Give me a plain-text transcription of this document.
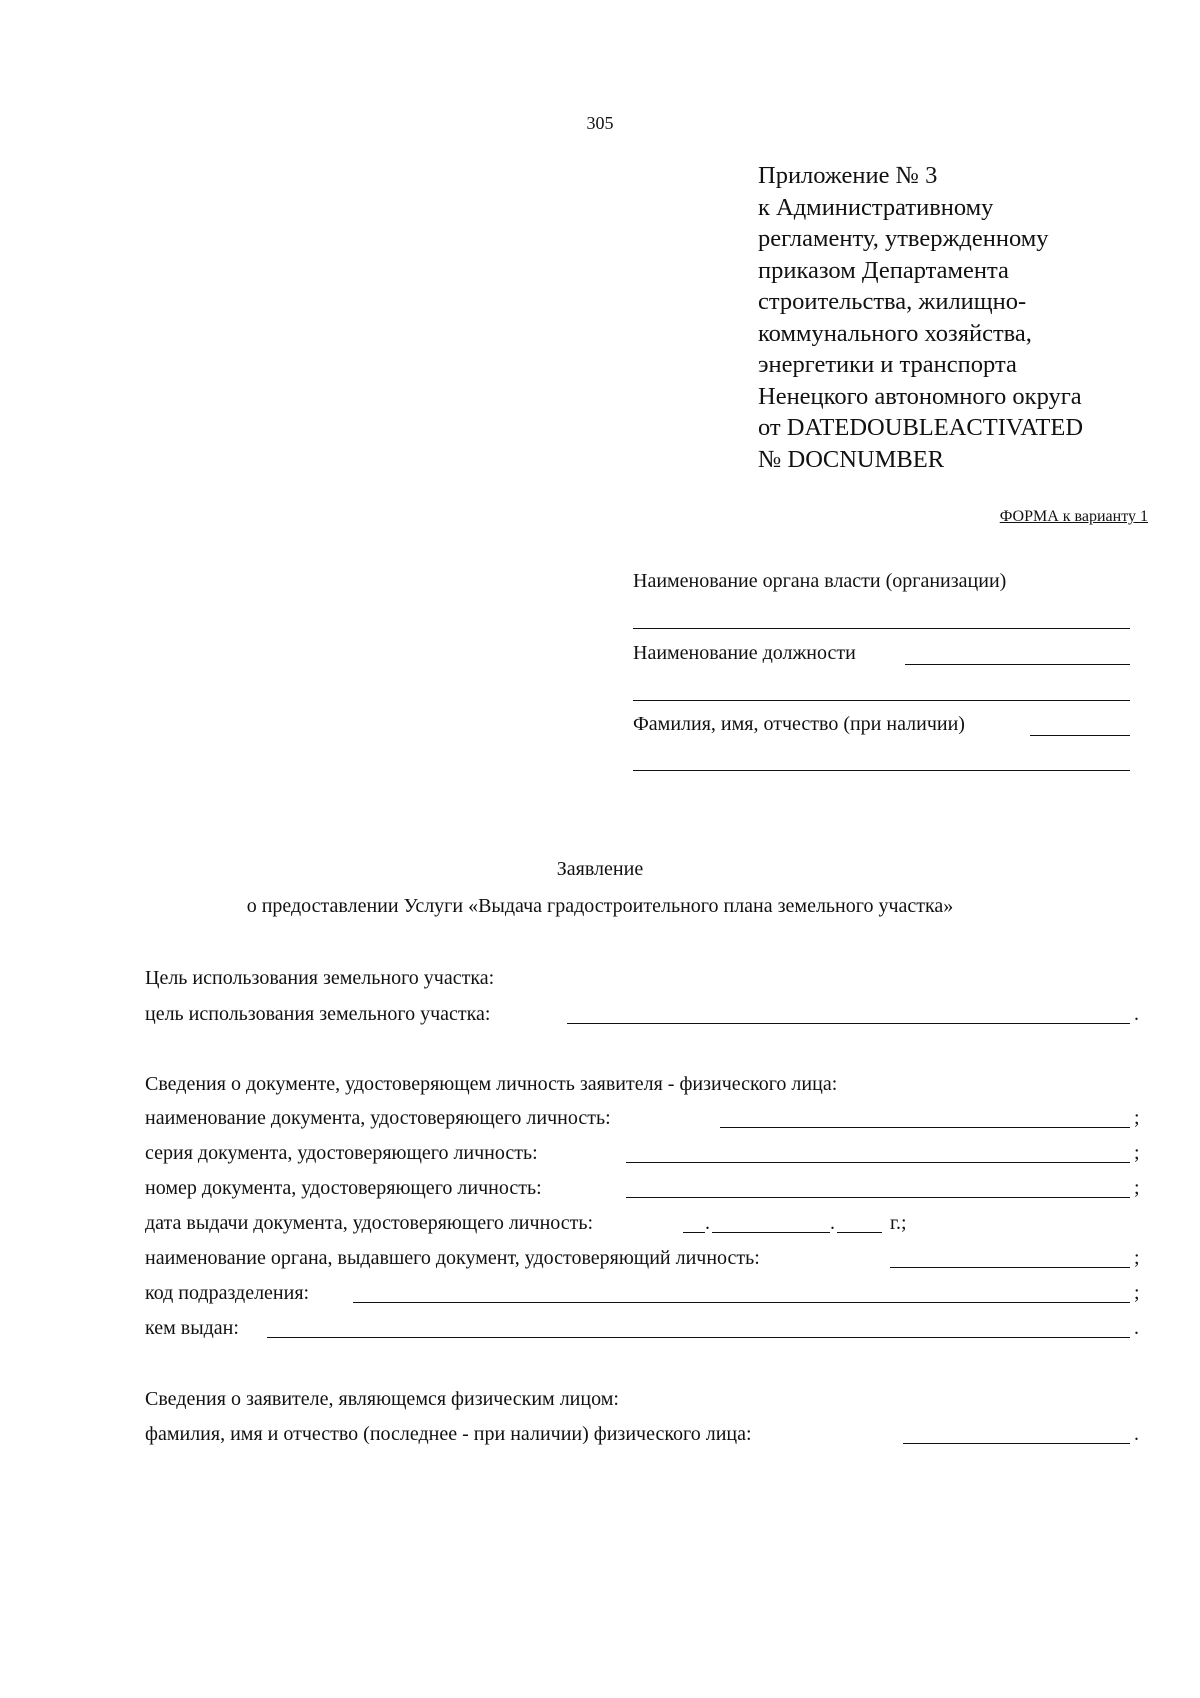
305
Приложение № 3
к Административному
регламенту, утвержденному
приказом Департамента
строительства, жилищно-
коммунального хозяйства,
энергетики и транспорта
Ненецкого автономного округа
от DATEDOUBLEACTIVATED
№ DOCNUMBER
ФОРМА к варианту 1
Наименование органа власти (организации)
Наименование должности
Фамилия, имя, отчество (при наличии)
Заявление
о предоставлении Услуги «Выдача градостроительного плана земельного участка»
Цель использования земельного участка:
цель использования земельного участка:	.
Сведения о документе, удостоверяющем личность заявителя - физического лица:
наименование документа, удостоверяющего личность:	;
серия документа, удостоверяющего личность:	;
номер документа, удостоверяющего личность:	;
дата выдачи документа, удостоверяющего личность:	.	.	г.;
наименование органа, выдавшего документ, удостоверяющий личность:	;
код подразделения:	;
кем выдан:	.
Сведения о заявителе, являющемся физическим лицом:
фамилия, имя и отчество (последнее - при наличии) физического лица:	.
